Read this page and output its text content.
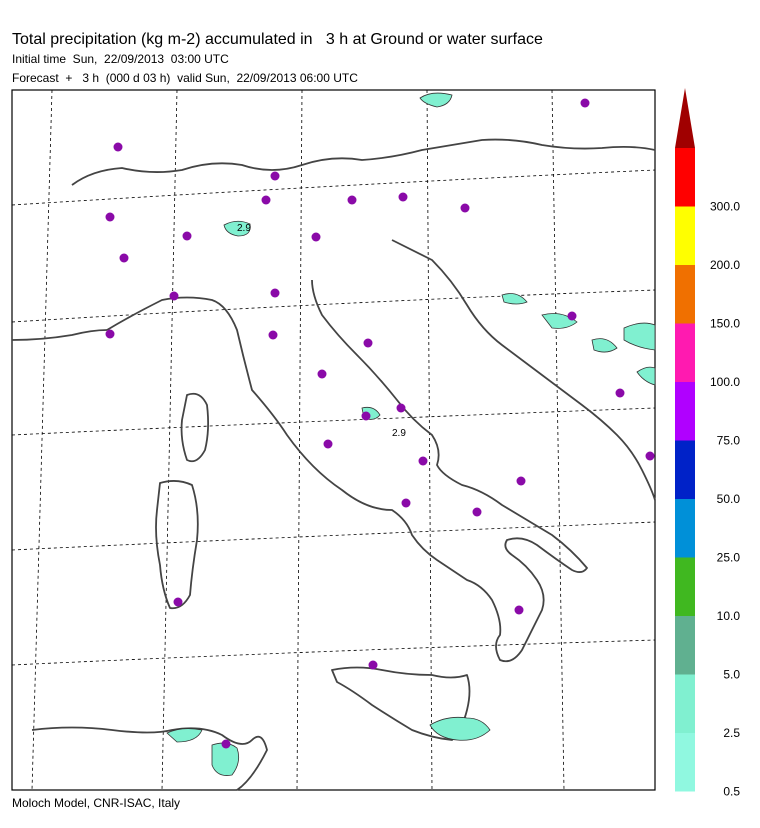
Total precipitation (kg m-2) accumulated in   3 h at Ground or water surface
Initial time  Sun,  22/09/2013  03:00 UTC
Forecast  +   3 h  (000 d 03 h)  valid Sun,  22/09/2013 06:00 UTC
2.9
2.9
300.0
200.0
150.0
100.0
75.0
50.0
25.0
10.0
5.0
2.5
0.5
Moloch Model, CNR-ISAC, Italy
